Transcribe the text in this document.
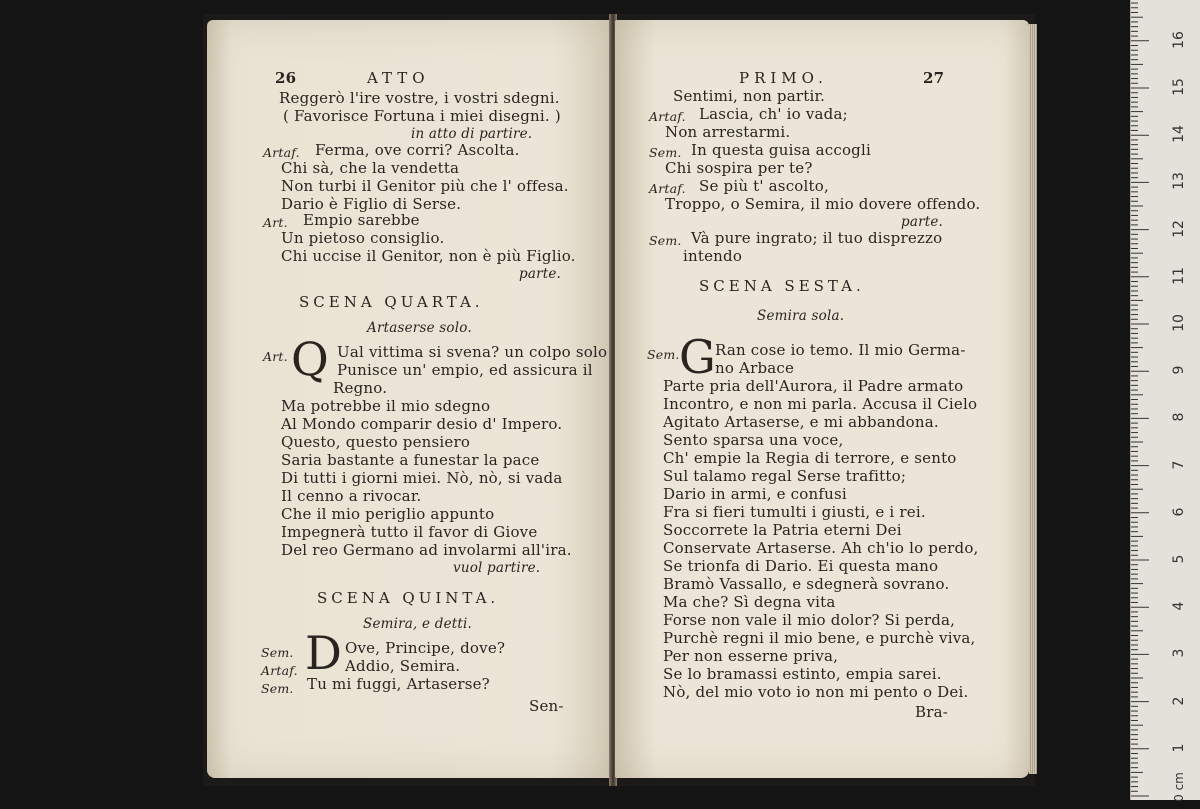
26	ATTO
Reggerò l'ire vostre, i vostri sdegni.
( Favorisce Fortuna i miei disegni. )
in atto di partire.
Artaf. Ferma, ove corri? Ascolta.
Chi sà, che la vendetta
Non turbi il Genitor più che l' offesa.
Dario è Figlio di Serse.
Art. Empio sarebbe
Un pietoso consiglio.
Chi uccise il Genitor, non è più Figlio.
parte.
SCENA QUARTA.
Artaserse solo.
Art. Q Ual vittima si svena? un colpo solo
Punisce un' empio, ed assicura il
Regno.
Ma potrebbe il mio sdegno
Al Mondo comparir desio d' Impero.
Questo, questo pensiero
Saria bastante a funestar la pace
Di tutti i giorni miei. Nò, nò, si vada
Il cenno a rivocar.
Che il mio periglio appunto
Impegnerà tutto il favor di Giove
Del reo Germano ad involarmi all'ira.
vuol partire.
SCENA QUINTA.
Semira, e detti.
D
Sem.	Ove, Principe, dove?
Artaf.	Addio, Semira.
Sem. Tu mi fuggi, Artaserse?
Sen-
PRIMO.	27
Sentimi, non partir.
Artaf. Lascia, ch' io vada;
Non arrestarmi.
Sem. In questa guisa accogli
Chi sospira per te?
Artaf. Se più t' ascolto,
Troppo, o Semira, il mio dovere offendo.
parte.
Sem. Và pure ingrato; il tuo disprezzo
intendo
SCENA SESTA.
Semira sola.
Sem. G Ran cose io temo. Il mio Germa-
no Arbace
Parte pria dell'Aurora, il Padre armato
Incontro, e non mi parla. Accusa il Cielo
Agitato Artaserse, e mi abbandona.
Sento sparsa una voce,
Ch' empie la Regia di terrore, e sento
Sul talamo regal Serse trafitto;
Dario in armi, e confusi
Fra si fieri tumulti i giusti, e i rei.
Soccorrete la Patria eterni Dei
Conservate Artaserse. Ah ch'io lo perdo,
Se trionfa di Dario. Ei questa mano
Bramò Vassallo, e sdegnerà sovrano.
Ma che? Sì degna vita
Forse non vale il mio dolor? Si perda,
Purchè regni il mio bene, e purchè viva,
Per non esserne priva,
Se lo bramassi estinto, empia sarei.
Nò, del mio voto io non mi pento o Dei.
Bra-
16
15
14
13
12
11
10
9
8
7
6
5
4
3
2
1
0 cm
